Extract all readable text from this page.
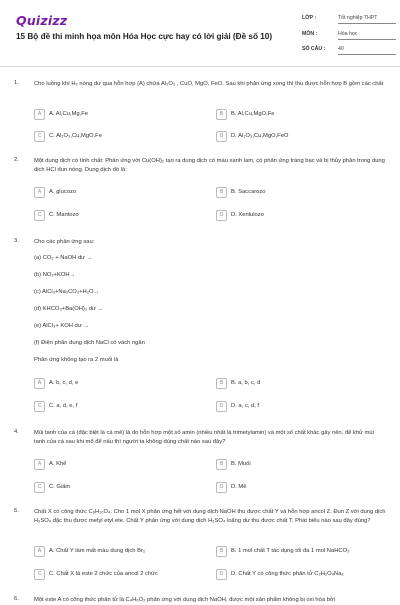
Quizizz
15 Bộ đề thi minh họa môn Hóa Học cực hay có lời giải (Đề số 10)
LỚP :	Tốt nghiệp THPT
MÔN :	Hóa học
SỐ CÂU :	40
1.	Cho luồng khí H₂ nóng dư qua hỗn hợp (A) chứa Al₂O₃ , CuO, MgO, FeO. Sau khi phản ứng xong thì thu được hỗn hợp B gồm các chất
A	A. Al,Cu,Mg,Fe	B	B. Al,Cu,MgO,Fe
C	C. Al₂O₃,Cu,MgO,Fe	D	D. Al₂O₃,Cu,MgO,FeO
2.	Một dung dịch có tính chất: Phản ứng với Cu(OH)₂ tạo ra dung dịch có màu xanh lam, có phản ứng tráng bạc và bị thủy phân trong dung dịch HCl đun nóng. Dung dịch đó là:
A	A. glucozo	B	B. Saccarozo
C	C. Mantozo	D	D. Xenlulozo
3.	Cho các phản ứng sau:
(a) CO₂ + NaOH dư →
(b) NO₂+KOH→
(c) AlCl₃+Na₂CO₃+H₂O→
(d) KHCO₃+Ba(OH)₂ dư →
(e) AlCl₃+ KOH dư →
(f) Điện phân dung dịch NaCl có vách ngăn
Phản ứng không tạo ra 2 muối là
A	A. b, c, d, e	B	B. a, b, c, d
C	C. a, d, e, f	D	D. a, c, d, f
4.	Mùi tanh của cá (đặc biệt là cá mè) là do hỗn hợp một số amin (nhiều nhất là trimetylamin) và một số chất khác gây nên, để khử mùi tanh của cá sau khi mổ để nấu thì người ta không dùng chất nào sau đây?
A	A. Khế	B	B. Muối
C	C. Giấm	D	D. Mẻ
5.	Chất X có công thức C₆H₁₀O₄. Cho 1 mol X phản ứng hết với dung dịch NaOH thu được chất Y và hỗn hợp ancol Z. Đun Z với dung dịch H₂SO₄ đặc thu được metyl etyl ete. Chất Y phản ứng với dung dịch H₂SO₄ loãng dư thu được chất T. Phát biểu nào sau đây đúng?
A	A. Chất Y làm mất màu dung dịch Br₂	B	B. 1 mol chất T tác dụng tối đa 1 mol NaHCO₃
C	C. Chất X là este 2 chức của ancol 2 chức	D	D. Chất Y có công thức phân tử C₂H₂O₄Na₂
6.	Một este A có công thức phân tử là C₄H₆O₂ phản ứng với dung dịch NaOH, được một sản phẩm không bị oxi hóa bởi
